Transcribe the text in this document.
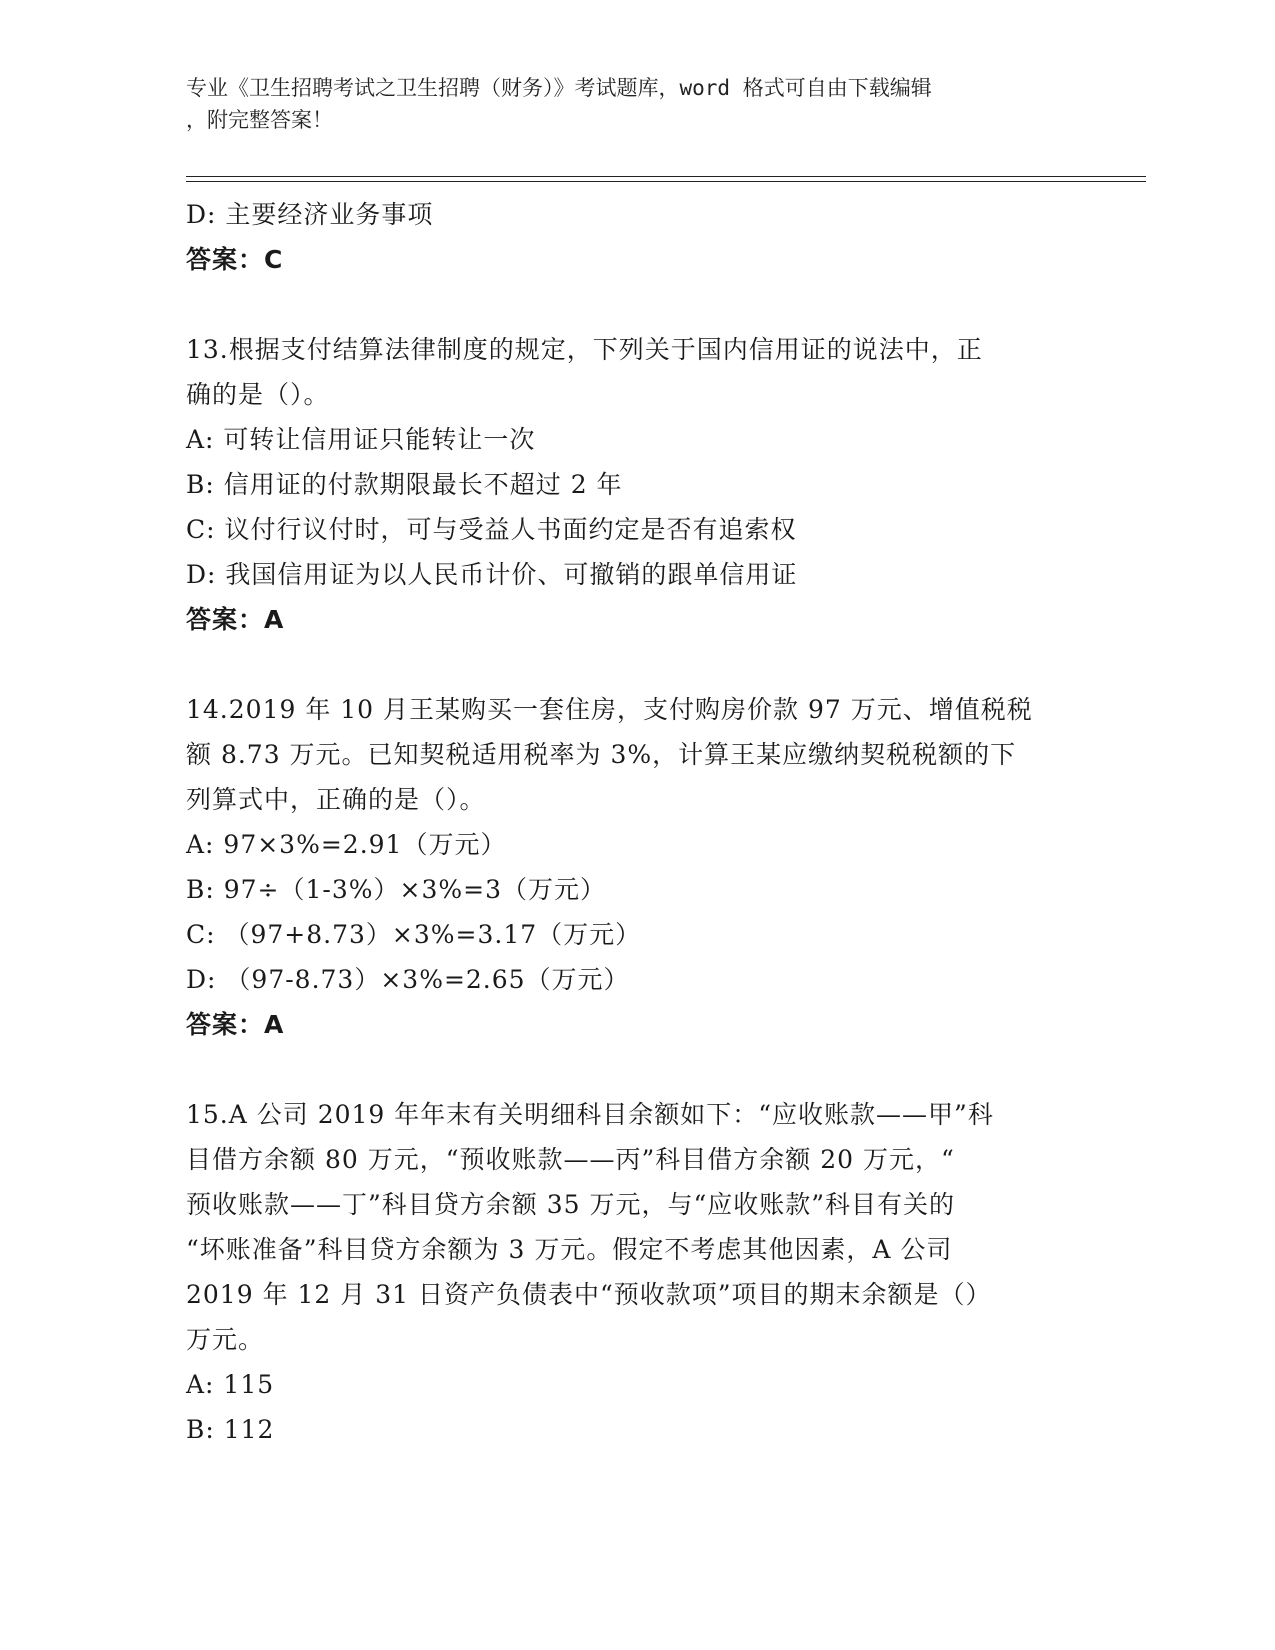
专业《卫生招聘考试之卫生招聘（财务）》考试题库，word 格式可自由下载编辑
，附完整答案！
D: 主要经济业务事项
答案：C
13.根据支付结算法律制度的规定，下列关于国内信用证的说法中，正
确的是（）。
A: 可转让信用证只能转让一次
B: 信用证的付款期限最长不超过 2 年
C: 议付行议付时，可与受益人书面约定是否有追索权
D: 我国信用证为以人民币计价、可撤销的跟单信用证
答案：A
14.2019 年 10 月王某购买一套住房，支付购房价款 97 万元、增值税税
额 8.73 万元。已知契税适用税率为 3%，计算王某应缴纳契税税额的下
列算式中，正确的是（）。
A: 97×3%=2.91（万元）
B: 97÷（1-3%）×3%=3（万元）
C: （97+8.73）×3%=3.17（万元）
D: （97-8.73）×3%=2.65（万元）
答案：A
15.A 公司 2019 年年末有关明细科目余额如下：“应收账款——甲”科
目借方余额 80 万元，“预收账款——丙”科目借方余额 20 万元，“
预收账款——丁”科目贷方余额 35 万元，与“应收账款”科目有关的
“坏账准备”科目贷方余额为 3 万元。假定不考虑其他因素，A 公司
2019 年 12 月 31 日资产负债表中“预收款项”项目的期末余额是（）
万元。
A: 115
B: 112
